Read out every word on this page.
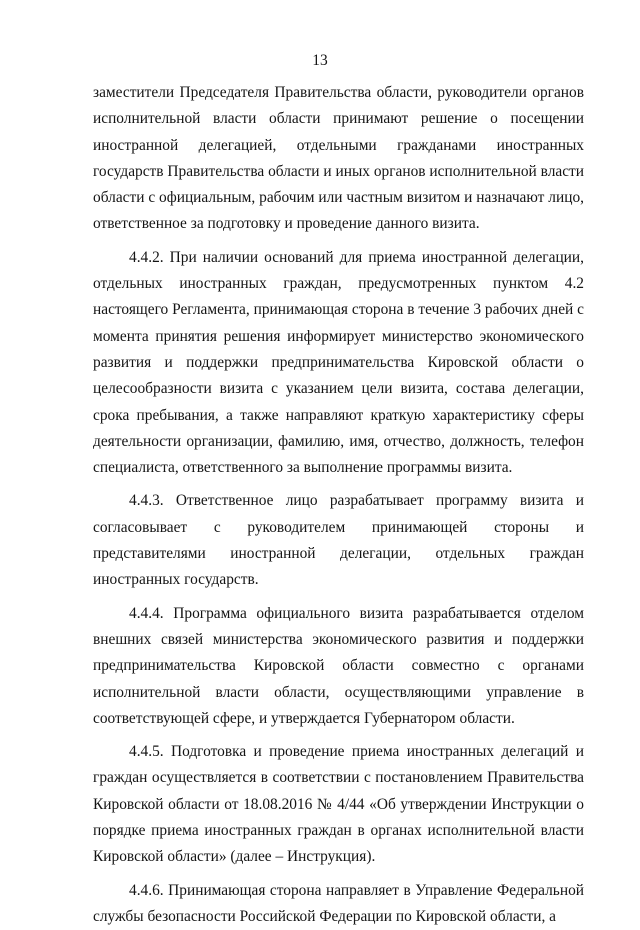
13

заместители Председателя Правительства области, руководители органов исполнительной власти области принимают решение о посещении иностранной делегацией, отдельными гражданами иностранных государств Правительства области и иных органов исполнительной власти области с официальным, рабочим или частным визитом и назначают лицо, ответственное за подготовку и проведение данного визита.

4.4.2. При наличии оснований для приема иностранной делегации, отдельных иностранных граждан, предусмотренных пунктом 4.2 настоящего Регламента, принимающая сторона в течение 3 рабочих дней с момента принятия решения информирует министерство экономического развития и поддержки предпринимательства Кировской области о целесообразности визита с указанием цели визита, состава делегации, срока пребывания, а также направляют краткую характеристику сферы деятельности организации, фамилию, имя, отчество, должность, телефон специалиста, ответственного за выполнение программы визита.

4.4.3. Ответственное лицо разрабатывает программу визита и согласовывает с руководителем принимающей стороны и представителями иностранной делегации, отдельных граждан иностранных государств.

4.4.4. Программа официального визита разрабатывается отделом внешних связей министерства экономического развития и поддержки предпринимательства Кировской области совместно с органами исполнительной власти области, осуществляющими управление в соответствующей сфере, и утверждается Губернатором области.

4.4.5. Подготовка и проведение приема иностранных делегаций и граждан осуществляется в соответствии с постановлением Правительства Кировской области от 18.08.2016 № 4/44 «Об утверждении Инструкции о порядке приема иностранных граждан в органах исполнительной власти Кировской области» (далее – Инструкция).

4.4.6. Принимающая сторона направляет в Управление Федеральной службы безопасности Российской Федерации по Кировской области, а
